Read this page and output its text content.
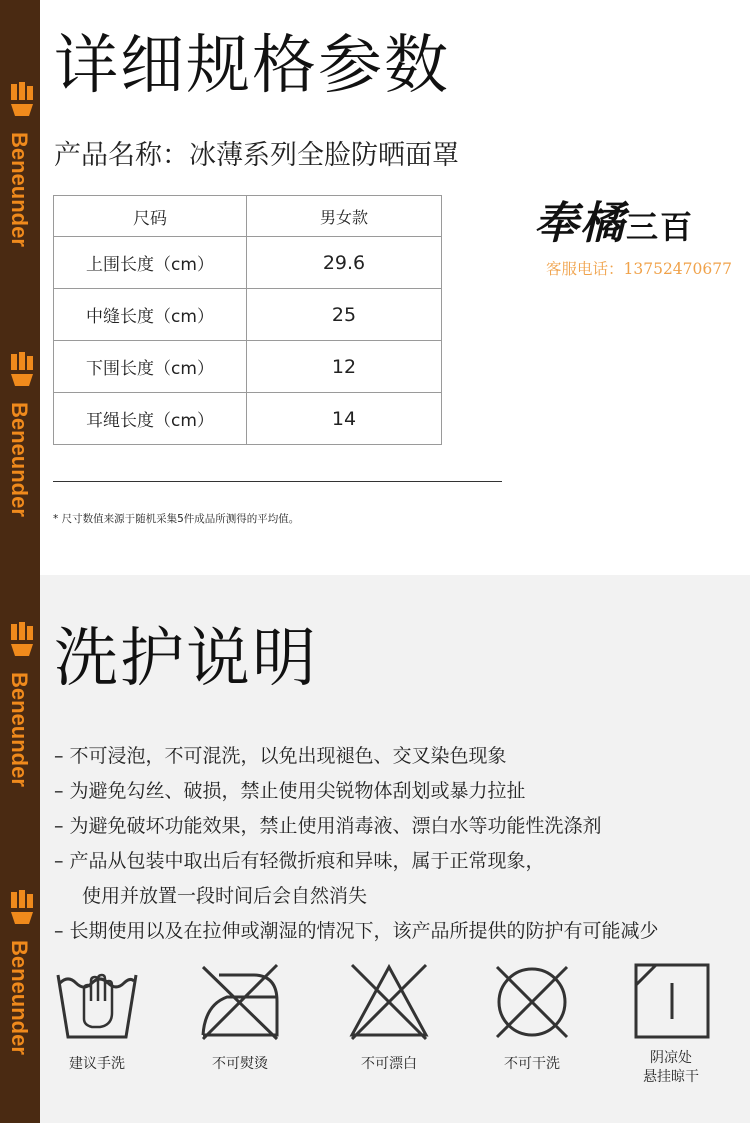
Beneunder
Beneunder
Beneunder
Beneunder
详细规格参数
产品名称：冰薄系列全脸防晒面罩
尺码	男女款
上围长度（cm）	29.6
中缝长度（cm）	25
下围长度（cm）	12
耳绳长度（cm）	14
* 尺寸数值来源于随机采集5件成品所测得的平均值。
奉橘三百
客服电话：13752470677
洗护说明
– 不可浸泡，不可混洗，以免出现褪色、交叉染色现象
– 为避免勾丝、破损，禁止使用尖锐物体刮划或暴力拉扯
– 为避免破坏功能效果，禁止使用消毒液、漂白水等功能性洗涤剂
– 产品从包装中取出后有轻微折痕和异味，属于正常现象，
使用并放置一段时间后会自然消失
– 长期使用以及在拉伸或潮湿的情况下，该产品所提供的防护有可能减少
建议手洗	不可熨烫	不可漂白	不可干洗	阴凉处
悬挂晾干
